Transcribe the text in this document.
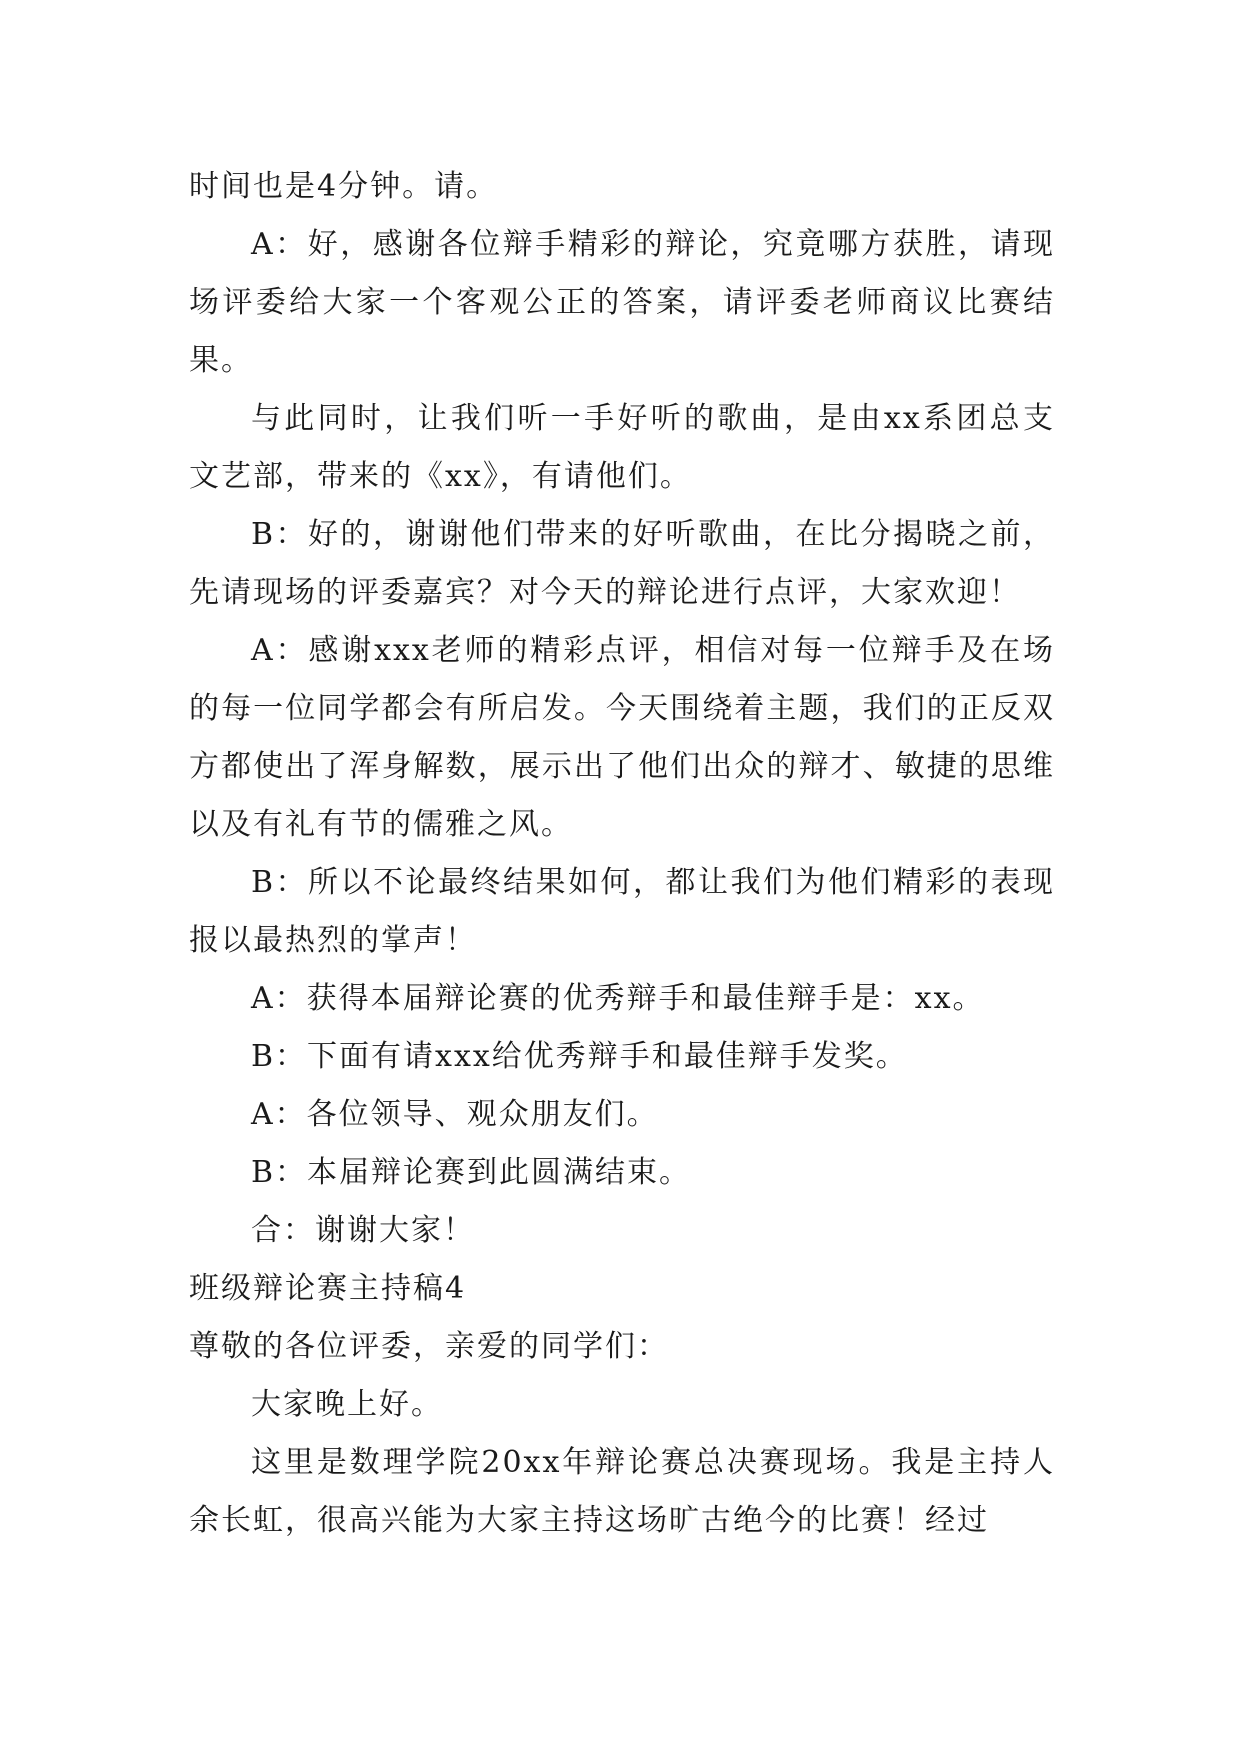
时间也是4分钟。请。

A：好，感谢各位辩手精彩的辩论，究竟哪方获胜，请现场评委给大家一个客观公正的答案，请评委老师商议比赛结果。

与此同时，让我们听一手好听的歌曲，是由xx系团总支文艺部，带来的《xx》，有请他们。

B：好的，谢谢他们带来的好听歌曲，在比分揭晓之前，先请现场的评委嘉宾？对今天的辩论进行点评，大家欢迎！

A：感谢xxx老师的精彩点评，相信对每一位辩手及在场的每一位同学都会有所启发。今天围绕着主题，我们的正反双方都使出了浑身解数，展示出了他们出众的辩才、敏捷的思维以及有礼有节的儒雅之风。

B：所以不论最终结果如何，都让我们为他们精彩的表现报以最热烈的掌声！

A：获得本届辩论赛的优秀辩手和最佳辩手是：xx。

B：下面有请xxx给优秀辩手和最佳辩手发奖。

A：各位领导、观众朋友们。

B：本届辩论赛到此圆满结束。

合：谢谢大家！

班级辩论赛主持稿4

尊敬的各位评委，亲爱的同学们：

大家晚上好。

这里是数理学院20xx年辩论赛总决赛现场。我是主持人余长虹，很高兴能为大家主持这场旷古绝今的比赛！经过
